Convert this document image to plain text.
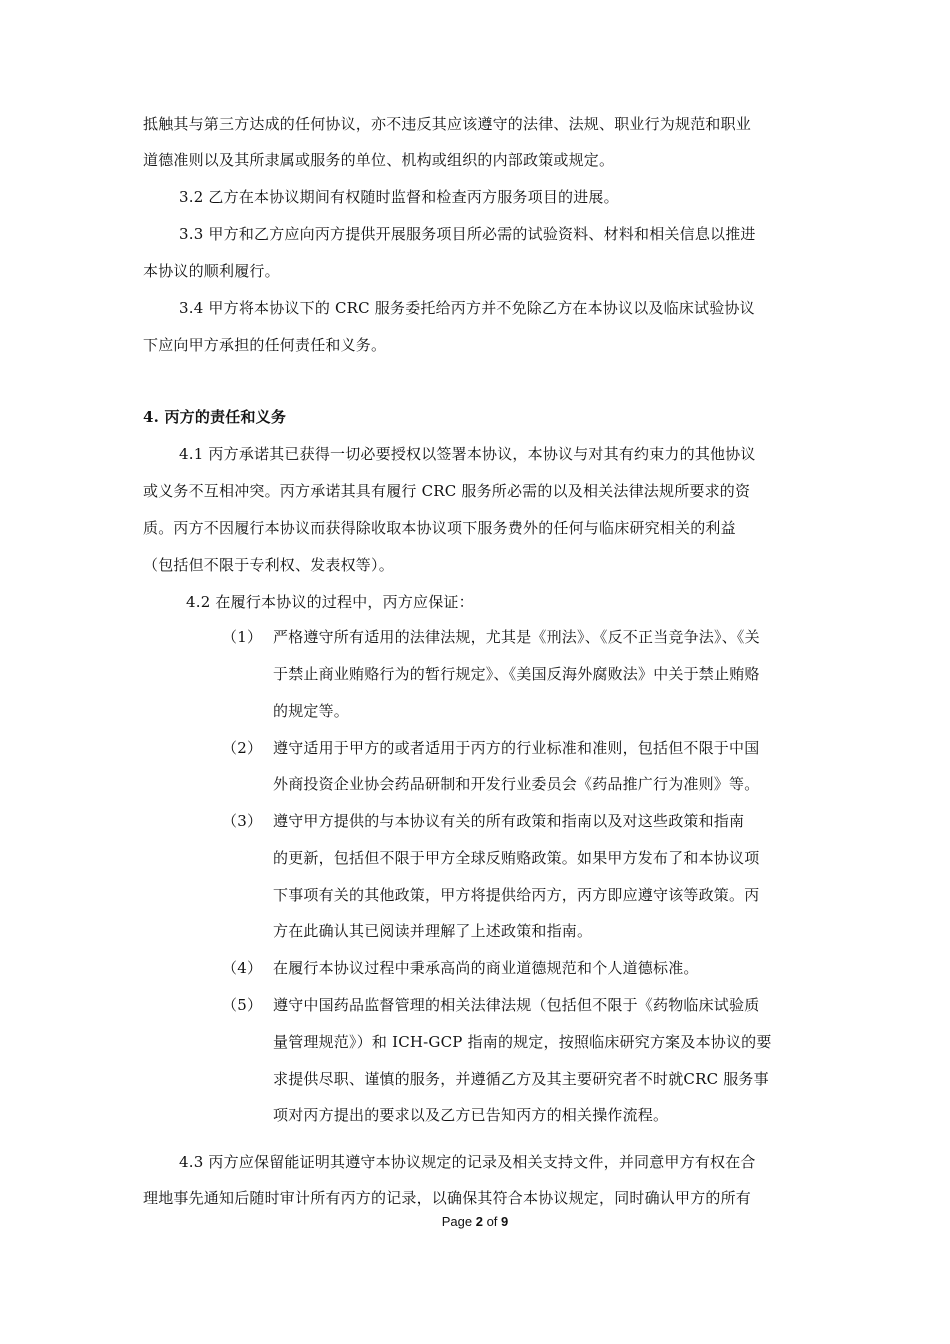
抵触其与第三方达成的任何协议，亦不违反其应该遵守的法律、法规、职业行为规范和职业
道德准则以及其所隶属或服务的单位、机构或组织的内部政策或规定。
3.2 乙方在本协议期间有权随时监督和检查丙方服务项目的进展。
3.3 甲方和乙方应向丙方提供开展服务项目所必需的试验资料、材料和相关信息以推进
本协议的顺利履行。
3.4 甲方将本协议下的 CRC 服务委托给丙方并不免除乙方在本协议以及临床试验协议
下应向甲方承担的任何责任和义务。
4. 丙方的责任和义务
4.1 丙方承诺其已获得一切必要授权以签署本协议，本协议与对其有约束力的其他协议
或义务不互相冲突。丙方承诺其具有履行 CRC 服务所必需的以及相关法律法规所要求的资
质。丙方不因履行本协议而获得除收取本协议项下服务费外的任何与临床研究相关的利益
（包括但不限于专利权、发表权等）。
4.2 在履行本协议的过程中，丙方应保证：
（1） 严格遵守所有适用的法律法规，尤其是《刑法》、《反不正当竞争法》、《关
于禁止商业贿赂行为的暂行规定》、《美国反海外腐败法》中关于禁止贿赂
的规定等。
（2） 遵守适用于甲方的或者适用于丙方的行业标准和准则，包括但不限于中国
外商投资企业协会药品研制和开发行业委员会《药品推广行为准则》等。
（3） 遵守甲方提供的与本协议有关的所有政策和指南以及对这些政策和指南
的更新，包括但不限于甲方全球反贿赂政策。如果甲方发布了和本协议项
下事项有关的其他政策，甲方将提供给丙方，丙方即应遵守该等政策。丙
方在此确认其已阅读并理解了上述政策和指南。
（4） 在履行本协议过程中秉承高尚的商业道德规范和个人道德标准。
（5） 遵守中国药品监督管理的相关法律法规（包括但不限于《药物临床试验质
量管理规范》）和 ICH-GCP 指南的规定，按照临床研究方案及本协议的要
求提供尽职、谨慎的服务，并遵循乙方及其主要研究者不时就CRC 服务事
项对丙方提出的要求以及乙方已告知丙方的相关操作流程。
4.3 丙方应保留能证明其遵守本协议规定的记录及相关支持文件，并同意甲方有权在合
理地事先通知后随时审计所有丙方的记录，以确保其符合本协议规定，同时确认甲方的所有
Page 2 of 9
